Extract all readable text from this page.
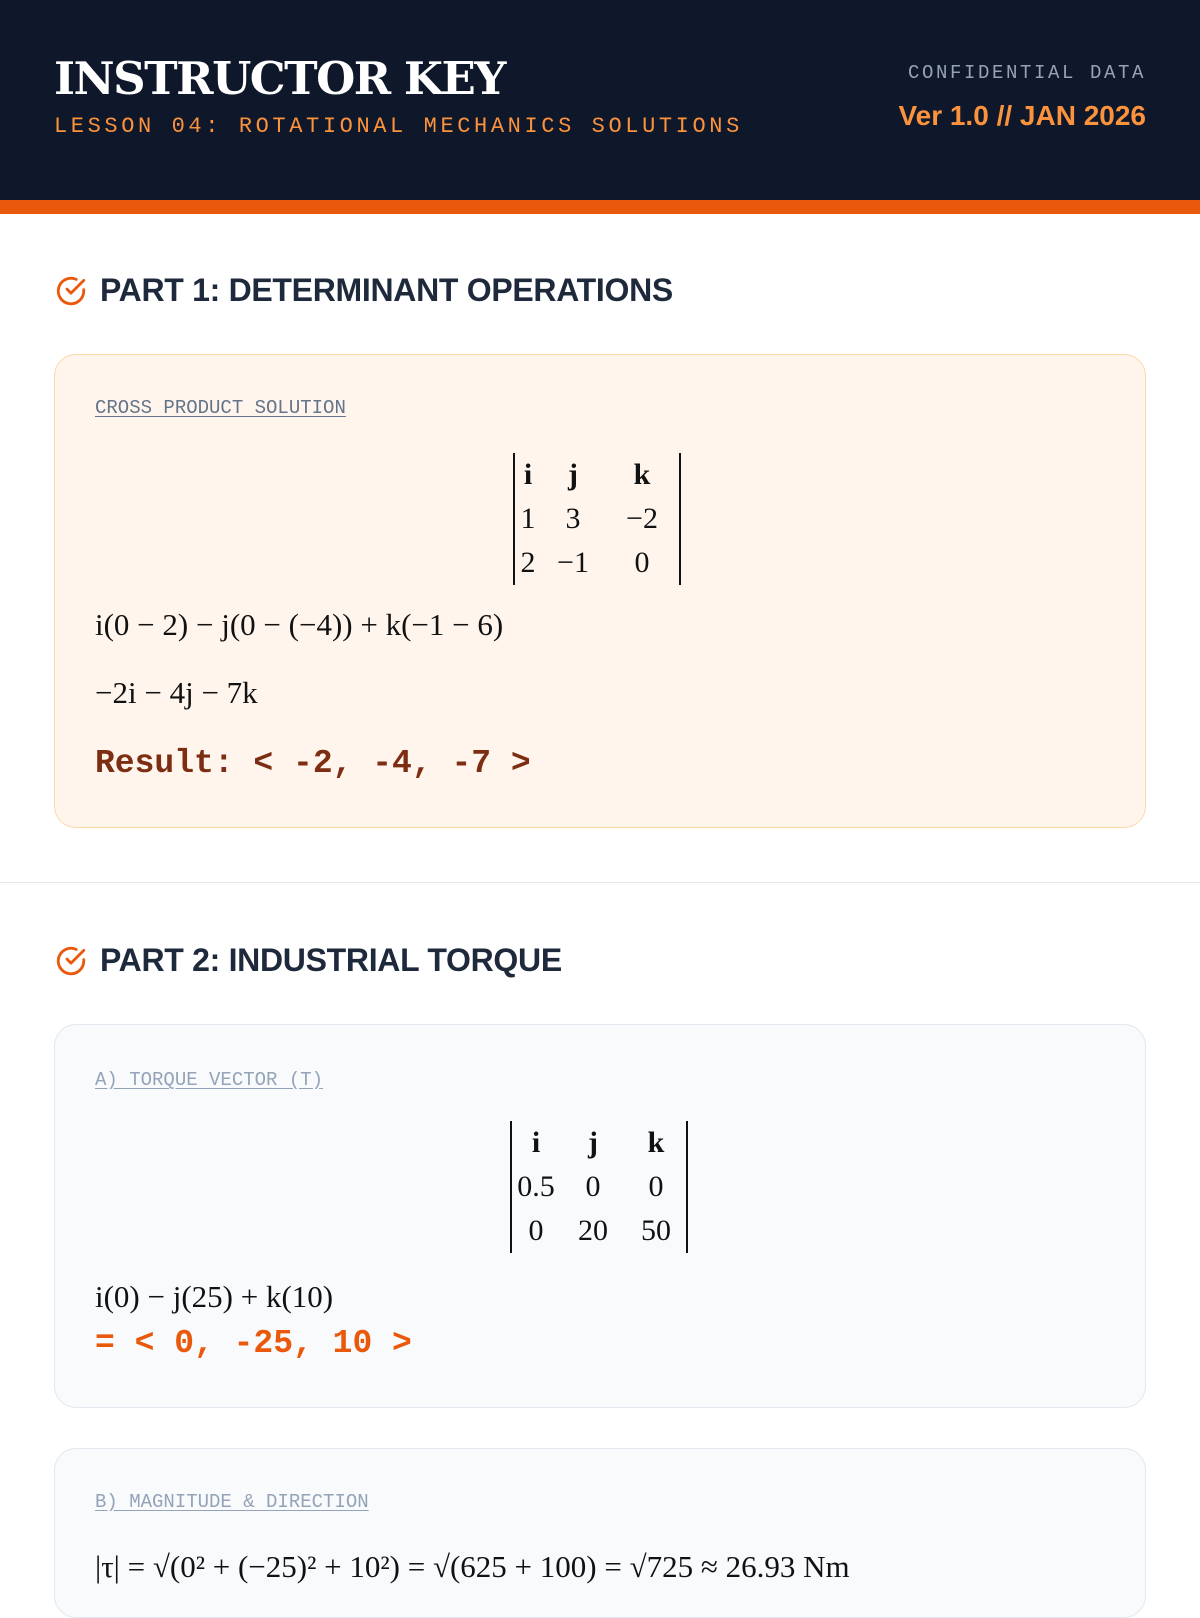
INSTRUCTOR KEY
LESSON 04: ROTATIONAL MECHANICS SOLUTIONS
CONFIDENTIAL DATA
Ver 1.0 // JAN 2026
PART 1: DETERMINANT OPERATIONS
CROSS PRODUCT SOLUTION
i	j	k
1	3	−2
2 −1	0
i(0 − 2) − j(0 − (−4)) + k(−1 − 6)
−2i − 4j − 7k
Result: < -2, -4, -7 >
PART 2: INDUSTRIAL TORQUE
A) TORQUE VECTOR (T)
i	j	k
0.5	0	0
0	20	50
i(0) − j(25) + k(10)
= < 0, -25, 10 >
B) MAGNITUDE & DIRECTION
|τ| = √(0² + (−25)² + 10²) = √(625 + 100) = √725 ≈ 26.93 Nm
